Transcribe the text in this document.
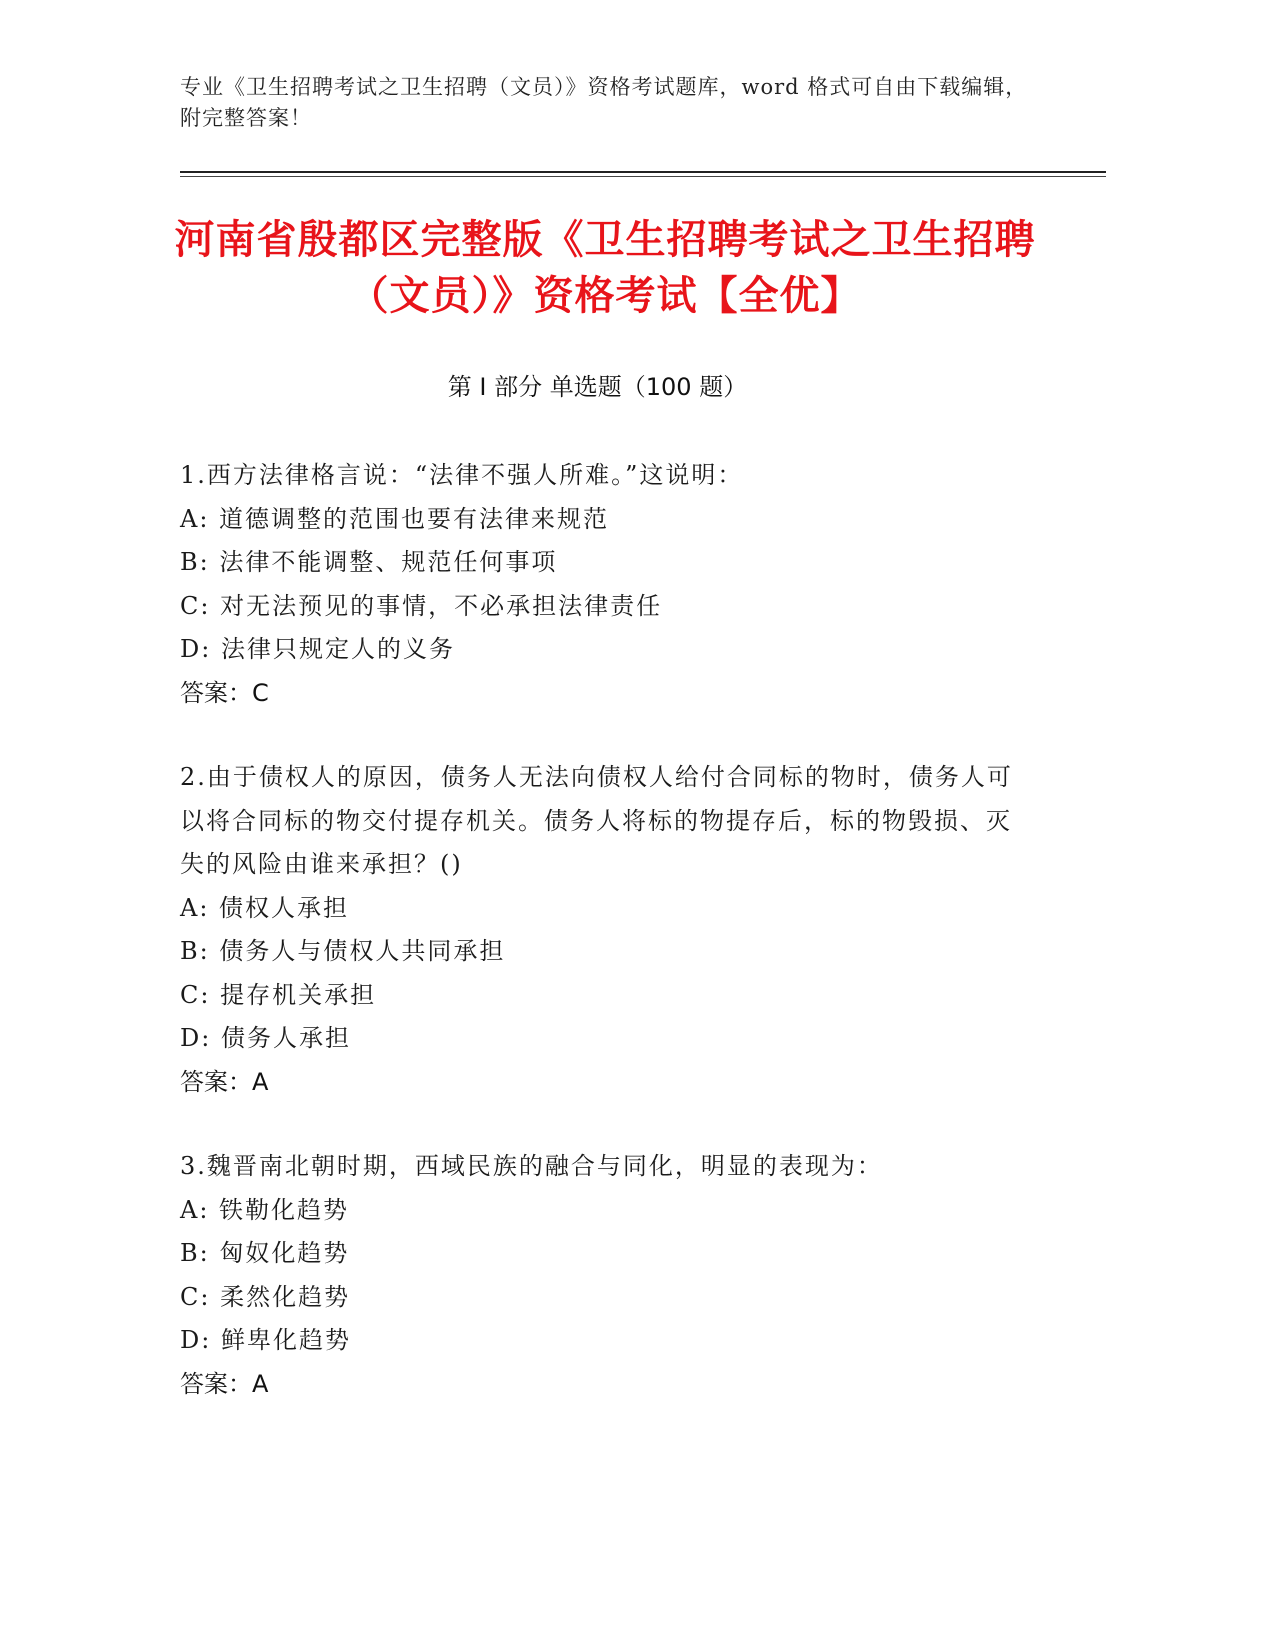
专业《卫生招聘考试之卫生招聘（文员）》资格考试题库，word 格式可自由下载编辑，附完整答案！
河南省殷都区完整版《卫生招聘考试之卫生招聘（文员）》资格考试【全优】
第 I 部分 单选题（100 题）
1.西方法律格言说：“法律不强人所难。”这说明：
A: 道德调整的范围也要有法律来规范
B: 法律不能调整、规范任何事项
C: 对无法预见的事情，不必承担法律责任
D: 法律只规定人的义务
答案：C
2.由于债权人的原因，债务人无法向债权人给付合同标的物时，债务人可以将合同标的物交付提存机关。债务人将标的物提存后，标的物毁损、灭失的风险由谁来承担？()
A: 债权人承担
B: 债务人与债权人共同承担
C: 提存机关承担
D: 债务人承担
答案：A
3.魏晋南北朝时期，西域民族的融合与同化，明显的表现为：
A: 铁勒化趋势
B: 匈奴化趋势
C: 柔然化趋势
D: 鲜卑化趋势
答案：A
